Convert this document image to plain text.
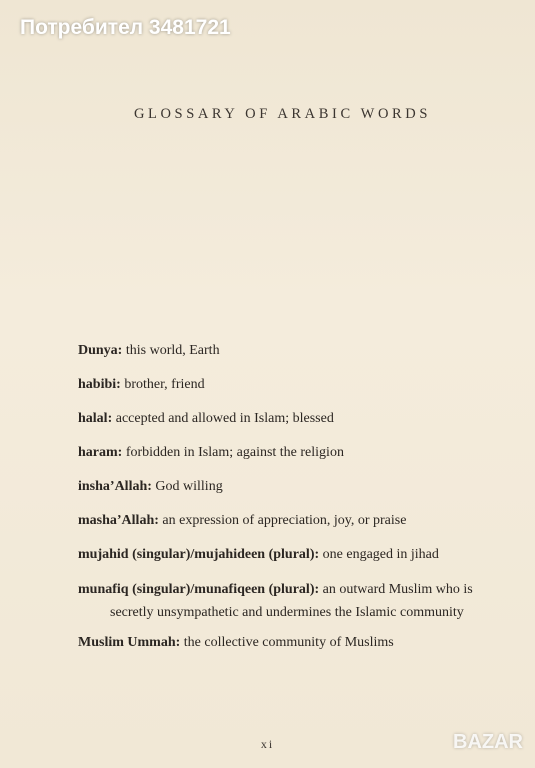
Потребител 3481721
GLOSSARY OF ARABIC WORDS
Dunya: this world, Earth
habibi: brother, friend
halal: accepted and allowed in Islam; blessed
haram: forbidden in Islam; against the religion
insha’Allah: God willing
masha’Allah: an expression of appreciation, joy, or praise
mujahid (singular)/mujahideen (plural): one engaged in jihad
munafiq (singular)/munafiqeen (plural): an outward Muslim who is secretly unsympathetic and undermines the Islamic community
Muslim Ummah: the collective community of Muslims
xi	BAZAR
